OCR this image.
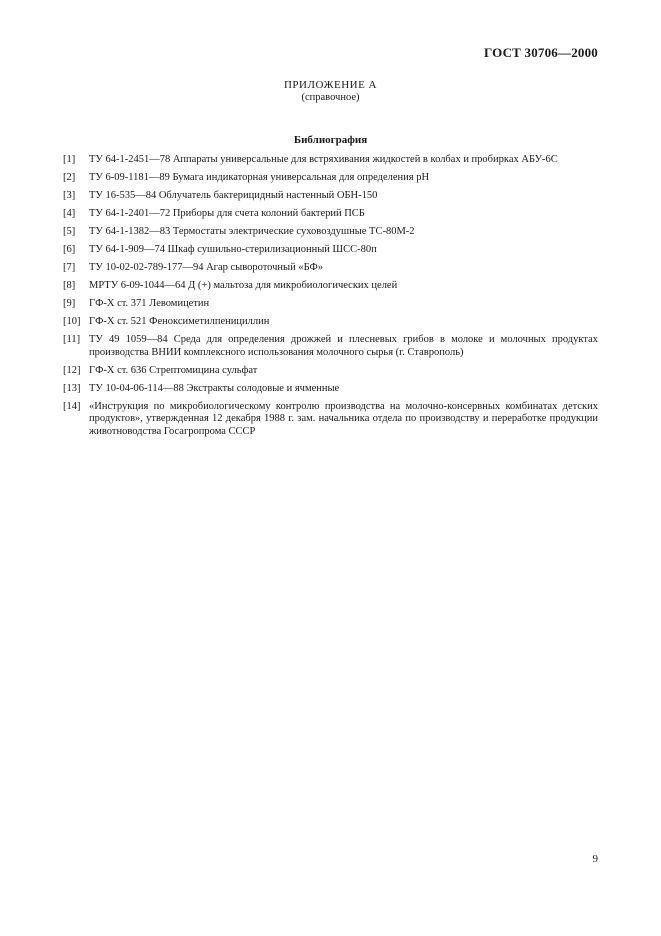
ГОСТ 30706—2000
ПРИЛОЖЕНИЕ А
(справочное)
Библиография
[1]	ТУ 64-1-2451—78 Аппараты универсальные для встряхивания жидкостей в колбах и пробирках АБУ-6С
[2]	ТУ 6-09-1181—89 Бумага индикаторная универсальная для определения рН
[3]	ТУ 16-535—84 Облучатель бактерицидный настенный ОБН-150
[4]	ТУ 64-1-2401—72 Приборы для счета колоний бактерий ПСБ
[5]	ТУ 64-1-1382—83 Термостаты электрические суховоздушные ТС-80М-2
[6]	ТУ 64-1-909—74 Шкаф сушильно-стерилизационный ШСС-80п
[7]	ТУ 10-02-02-789-177—94 Агар сывороточный «БФ»
[8]	МРТУ 6-09-1044—64 Д (+) мальтоза для микробиологических целей
[9]	ГФ-Х ст. 371 Левомицетин
[10] ГФ-Х ст. 521 Феноксиметилпенициллин
[11] ТУ 49 1059—84 Среда для определения дрожжей и плесневых грибов в молоке и молочных продуктах производства ВНИИ комплексного использования молочного сырья (г. Ставрополь)
[12] ГФ-Х ст. 636 Стрептомицина сульфат
[13] ТУ 10-04-06-114—88 Экстракты солодовые и ячменные
[14] «Инструкция по микробиологическому контролю производства на молочно-консервных комбинатах детских продуктов», утвержденная 12 декабря 1988 г. зам. начальника отдела по производству и переработке продукции животноводства Госагропрома СССР
9
